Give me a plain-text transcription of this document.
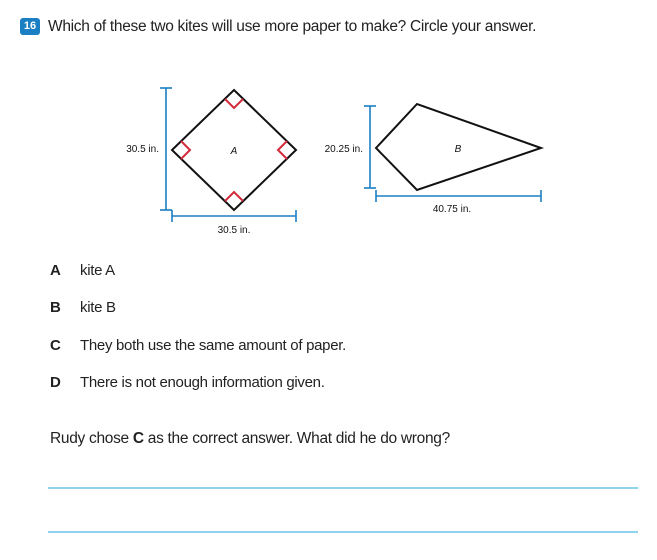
16 Which of these two kites will use more paper to make? Circle your answer.
A
30.5 in.
30.5 in.
B
20.25 in.
40.75 in.
A kite A
B kite B
C They both use the same amount of paper.
D There is not enough information given.
Rudy chose C as the correct answer. What did he do wrong?
